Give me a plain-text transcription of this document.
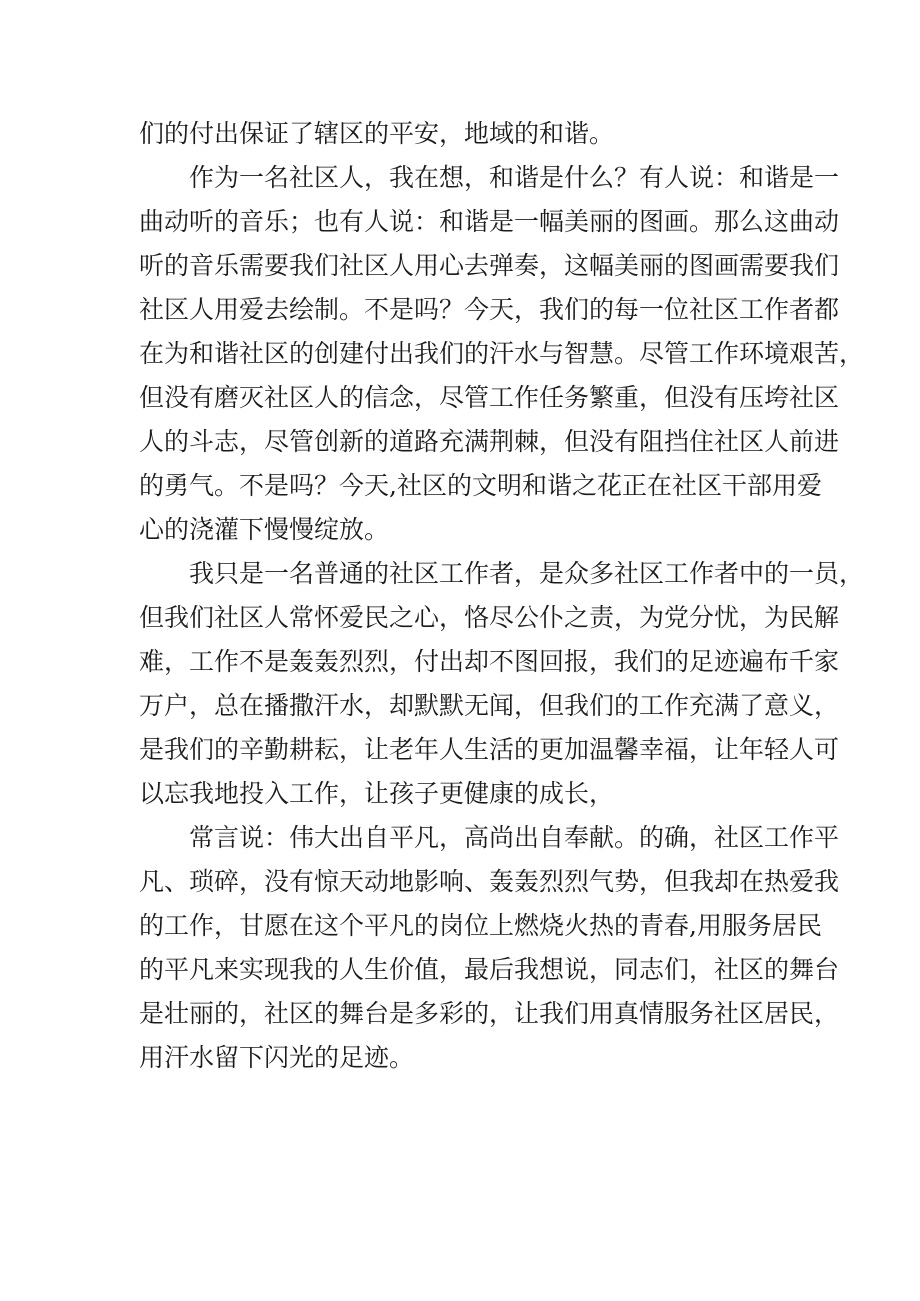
们的付出保证了辖区的平安，地域的和谐。
　　作为一名社区人，我在想，和谐是什么？有人说：和谐是一
曲动听的音乐；也有人说：和谐是一幅美丽的图画。那么这曲动
听的音乐需要我们社区人用心去弹奏，这幅美丽的图画需要我们
社区人用爱去绘制。不是吗？今天，我们的每一位社区工作者都
在为和谐社区的创建付出我们的汗水与智慧。尽管工作环境艰苦，
但没有磨灭社区人的信念，尽管工作任务繁重，但没有压垮社区
人的斗志，尽管创新的道路充满荆棘，但没有阻挡住社区人前进
的勇气。不是吗？今天,社区的文明和谐之花正在社区干部用爱
心的浇灌下慢慢绽放。
　　我只是一名普通的社区工作者，是众多社区工作者中的一员，
但我们社区人常怀爱民之心，恪尽公仆之责，为党分忧，为民解
难，工作不是轰轰烈烈，付出却不图回报，我们的足迹遍布千家
万户，总在播撒汗水，却默默无闻，但我们的工作充满了意义，
是我们的辛勤耕耘，让老年人生活的更加温馨幸福，让年轻人可
以忘我地投入工作，让孩子更健康的成长，
　　常言说：伟大出自平凡，高尚出自奉献。的确，社区工作平
凡、琐碎，没有惊天动地影响、轰轰烈烈气势，但我却在热爱我
的工作，甘愿在这个平凡的岗位上燃烧火热的青春,用服务居民
的平凡来实现我的人生价值，最后我想说，同志们，社区的舞台
是壮丽的，社区的舞台是多彩的，让我们用真情服务社区居民，
用汗水留下闪光的足迹。
